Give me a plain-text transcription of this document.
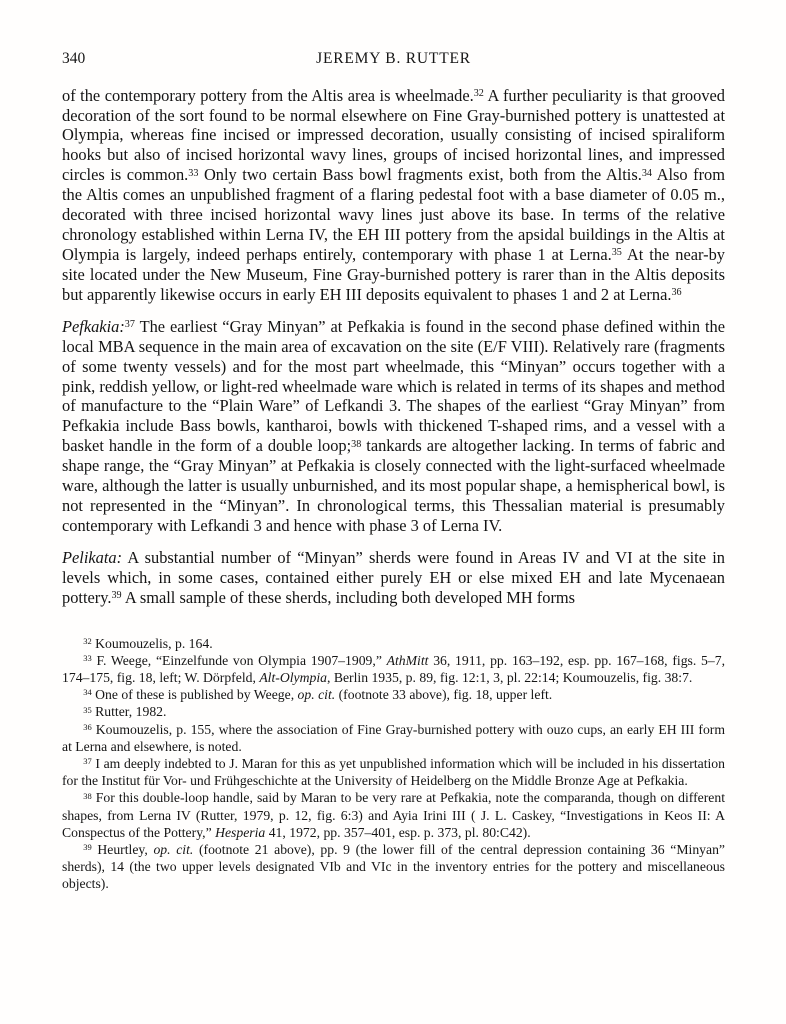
340	JEREMY B. RUTTER

of the contemporary pottery from the Altis area is wheelmade.$^{32}$ A further peculiarity is that grooved decoration of the sort found to be normal elsewhere on Fine Gray-burnished pottery is unattested at Olympia, whereas fine incised or impressed decoration, usually consisting of incised spiraliform hooks but also of incised horizontal wavy lines, groups of incised horizontal lines, and impressed circles is common.$^{33}$ Only two certain Bass bowl fragments exist, both from the Altis.$^{34}$ Also from the Altis comes an unpublished fragment of a flaring pedestal foot with a base diameter of 0.05 m., decorated with three incised horizontal wavy lines just above its base. In terms of the relative chronology established within Lerna IV, the EH III pottery from the apsidal buildings in the Altis at Olympia is largely, indeed perhaps entirely, contemporary with phase 1 at Lerna.$^{35}$ At the near-by site located under the New Museum, Fine Gray-burnished pottery is rarer than in the Altis deposits but apparently likewise occurs in early EH III deposits equivalent to phases 1 and 2 at Lerna.$^{36}$

Pefkakia:$^{37}$ The earliest “Gray Minyan” at Pefkakia is found in the second phase defined within the local MBA sequence in the main area of excavation on the site (E/F VIII). Relatively rare (fragments of some twenty vessels) and for the most part wheelmade, this “Minyan” occurs together with a pink, reddish yellow, or light-red wheelmade ware which is related in terms of its shapes and method of manufacture to the “Plain Ware” of Lefkandi 3. The shapes of the earliest “Gray Minyan” from Pefkakia include Bass bowls, kantharoi, bowls with thickened T-shaped rims, and a vessel with a basket handle in the form of a double loop;$^{38}$ tankards are altogether lacking. In terms of fabric and shape range, the “Gray Minyan” at Pefkakia is closely connected with the light-surfaced wheelmade ware, although the latter is usually unburnished, and its most popular shape, a hemispherical bowl, is not represented in the “Minyan”. In chronological terms, this Thessalian material is presumably contemporary with Lefkandi 3 and hence with phase 3 of Lerna IV.

Pelikata: A substantial number of “Minyan” sherds were found in Areas IV and VI at the site in levels which, in some cases, contained either purely EH or else mixed EH and late Mycenaean pottery.$^{39}$ A small sample of these sherds, including both developed MH forms

$^{32}$ Koumouzelis, p. 164.

$^{33}$ F. Weege, “Einzelfunde von Olympia 1907–1909,” AthMitt 36, 1911, pp. 163–192, esp. pp. 167–168, figs. 5–7, 174–175, fig. 18, left; W. Dörpfeld, Alt-Olympia, Berlin 1935, p. 89, fig. 12:1, 3, pl. 22:14; Koumouzelis, fig. 38:7.

$^{34}$ One of these is published by Weege, op. cit. (footnote 33 above), fig. 18, upper left.

$^{35}$ Rutter, 1982.

$^{36}$ Koumouzelis, p. 155, where the association of Fine Gray-burnished pottery with ouzo cups, an early EH III form at Lerna and elsewhere, is noted.

$^{37}$ I am deeply indebted to J. Maran for this as yet unpublished information which will be included in his dissertation for the Institut für Vor- und Frühgeschichte at the University of Heidelberg on the Middle Bronze Age at Pefkakia.

$^{38}$ For this double-loop handle, said by Maran to be very rare at Pefkakia, note the comparanda, though on different shapes, from Lerna IV (Rutter, 1979, p. 12, fig. 6:3) and Ayia Irini III ( J. L. Caskey, “Investigations in Keos II: A Conspectus of the Pottery,” Hesperia 41, 1972, pp. 357–401, esp. p. 373, pl. 80:C42).

$^{39}$ Heurtley, op. cit. (footnote 21 above), pp. 9 (the lower fill of the central depression containing 36 “Minyan” sherds), 14 (the two upper levels designated VIb and VIc in the inventory entries for the pottery and miscellaneous objects).
